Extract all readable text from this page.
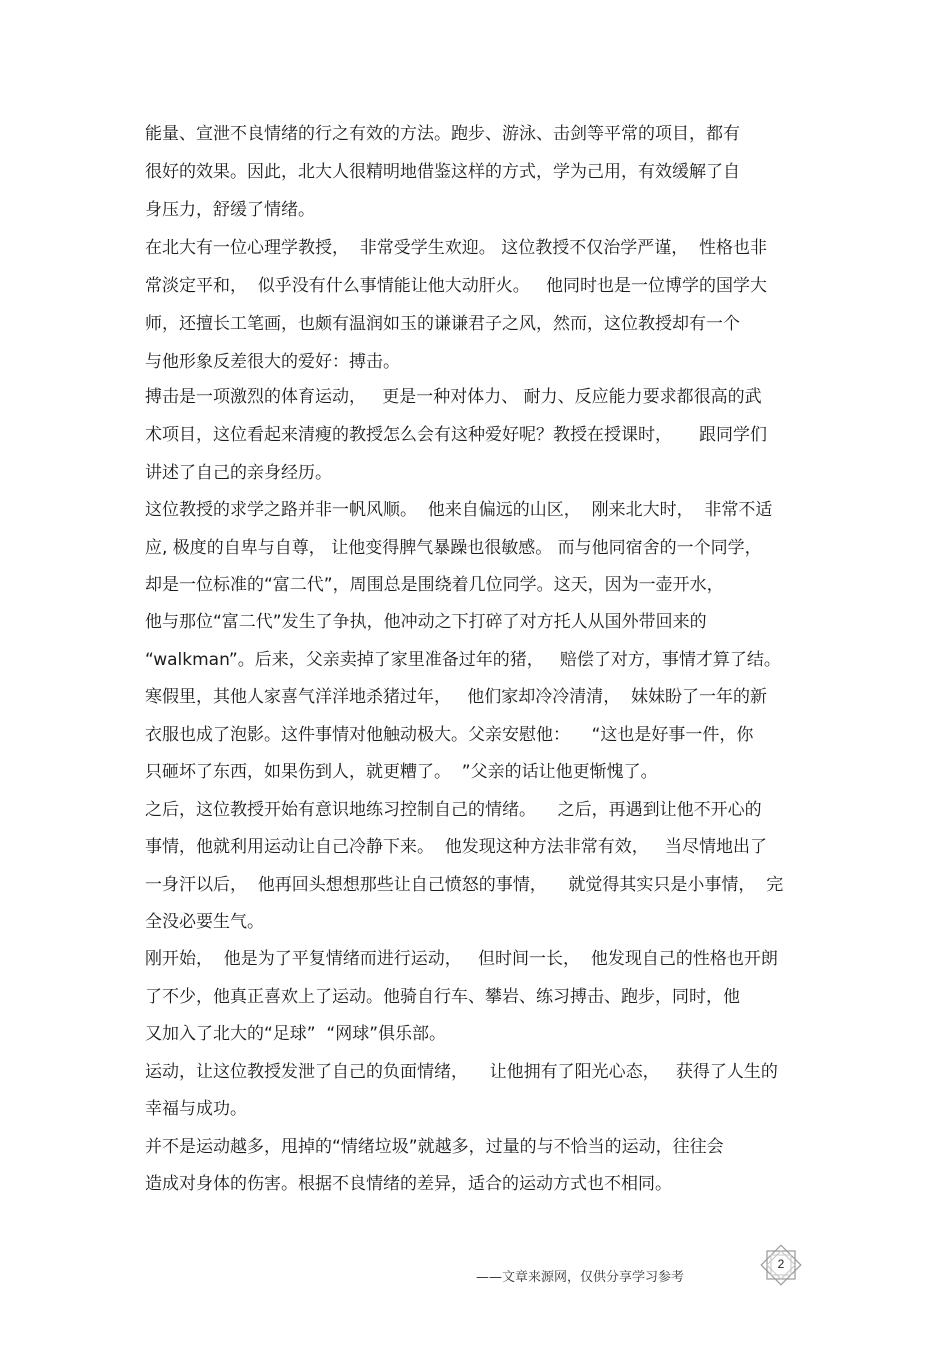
能量、宣泄不良情绪的行之有效的方法。跑步、游泳、击剑等平常的项目，都有
很好的效果。因此，北大人很精明地借鉴这样的方式，学为己用，有效缓解了自
身压力，舒缓了情绪。
在北大有一位心理学教授，  非常受学生欢迎。 这位教授不仅治学严谨，  性格也非
常淡定平和，  似乎没有什么事情能让他大动肝火。   他同时也是一位博学的国学大
师，还擅长工笔画，也颇有温润如玉的谦谦君子之风，然而，这位教授却有一个
与他形象反差很大的爱好：搏击。
搏击是一项激烈的体育运动，   更是一种对体力、 耐力、反应能力要求都很高的武
术项目，这位看起来清瘦的教授怎么会有这种爱好呢？教授在授课时，     跟同学们
讲述了自己的亲身经历。
这位教授的求学之路并非一帆风顺。  他来自偏远的山区，  刚来北大时，  非常不适
应, 极度的自卑与自尊， 让他变得脾气暴躁也很敏感。 而与他同宿舍的一个同学，
却是一位标准的“富二代”，周围总是围绕着几位同学。这天，因为一壶开水，
他与那位“富二代”发生了争执，他冲动之下打碎了对方托人从国外带回来的
“walkman”。后来，父亲卖掉了家里准备过年的猪，   赔偿了对方，事情才算了结。
寒假里，其他人家喜气洋洋地杀猪过年，   他们家却冷冷清清，  妹妹盼了一年的新
衣服也成了泡影。这件事情对他触动极大。父亲安慰他：    “这也是好事一件，你
只砸坏了东西，如果伤到人，就更糟了。  ”父亲的话让他更惭愧了。
之后，这位教授开始有意识地练习控制自己的情绪。    之后，再遇到让他不开心的
事情，他就利用运动让自己冷静下来。  他发现这种方法非常有效，   当尽情地出了
一身汗以后，  他再回头想想那些让自己愤怒的事情，    就觉得其实只是小事情，  完
全没必要生气。
刚开始，  他是为了平复情绪而进行运动，   但时间一长，  他发现自己的性格也开朗
了不少，他真正喜欢上了运动。他骑自行车、攀岩、练习搏击、跑步，同时，他
又加入了北大的“足球”  “网球”俱乐部。
运动，让这位教授发泄了自己的负面情绪，    让他拥有了阳光心态，   获得了人生的
幸福与成功。
并不是运动越多，甩掉的“情绪垃圾”就越多，过量的与不恰当的运动，往往会
造成对身体的伤害。根据不良情绪的差异，适合的运动方式也不相同。
——文章来源网，仅供分享学习参考
2
